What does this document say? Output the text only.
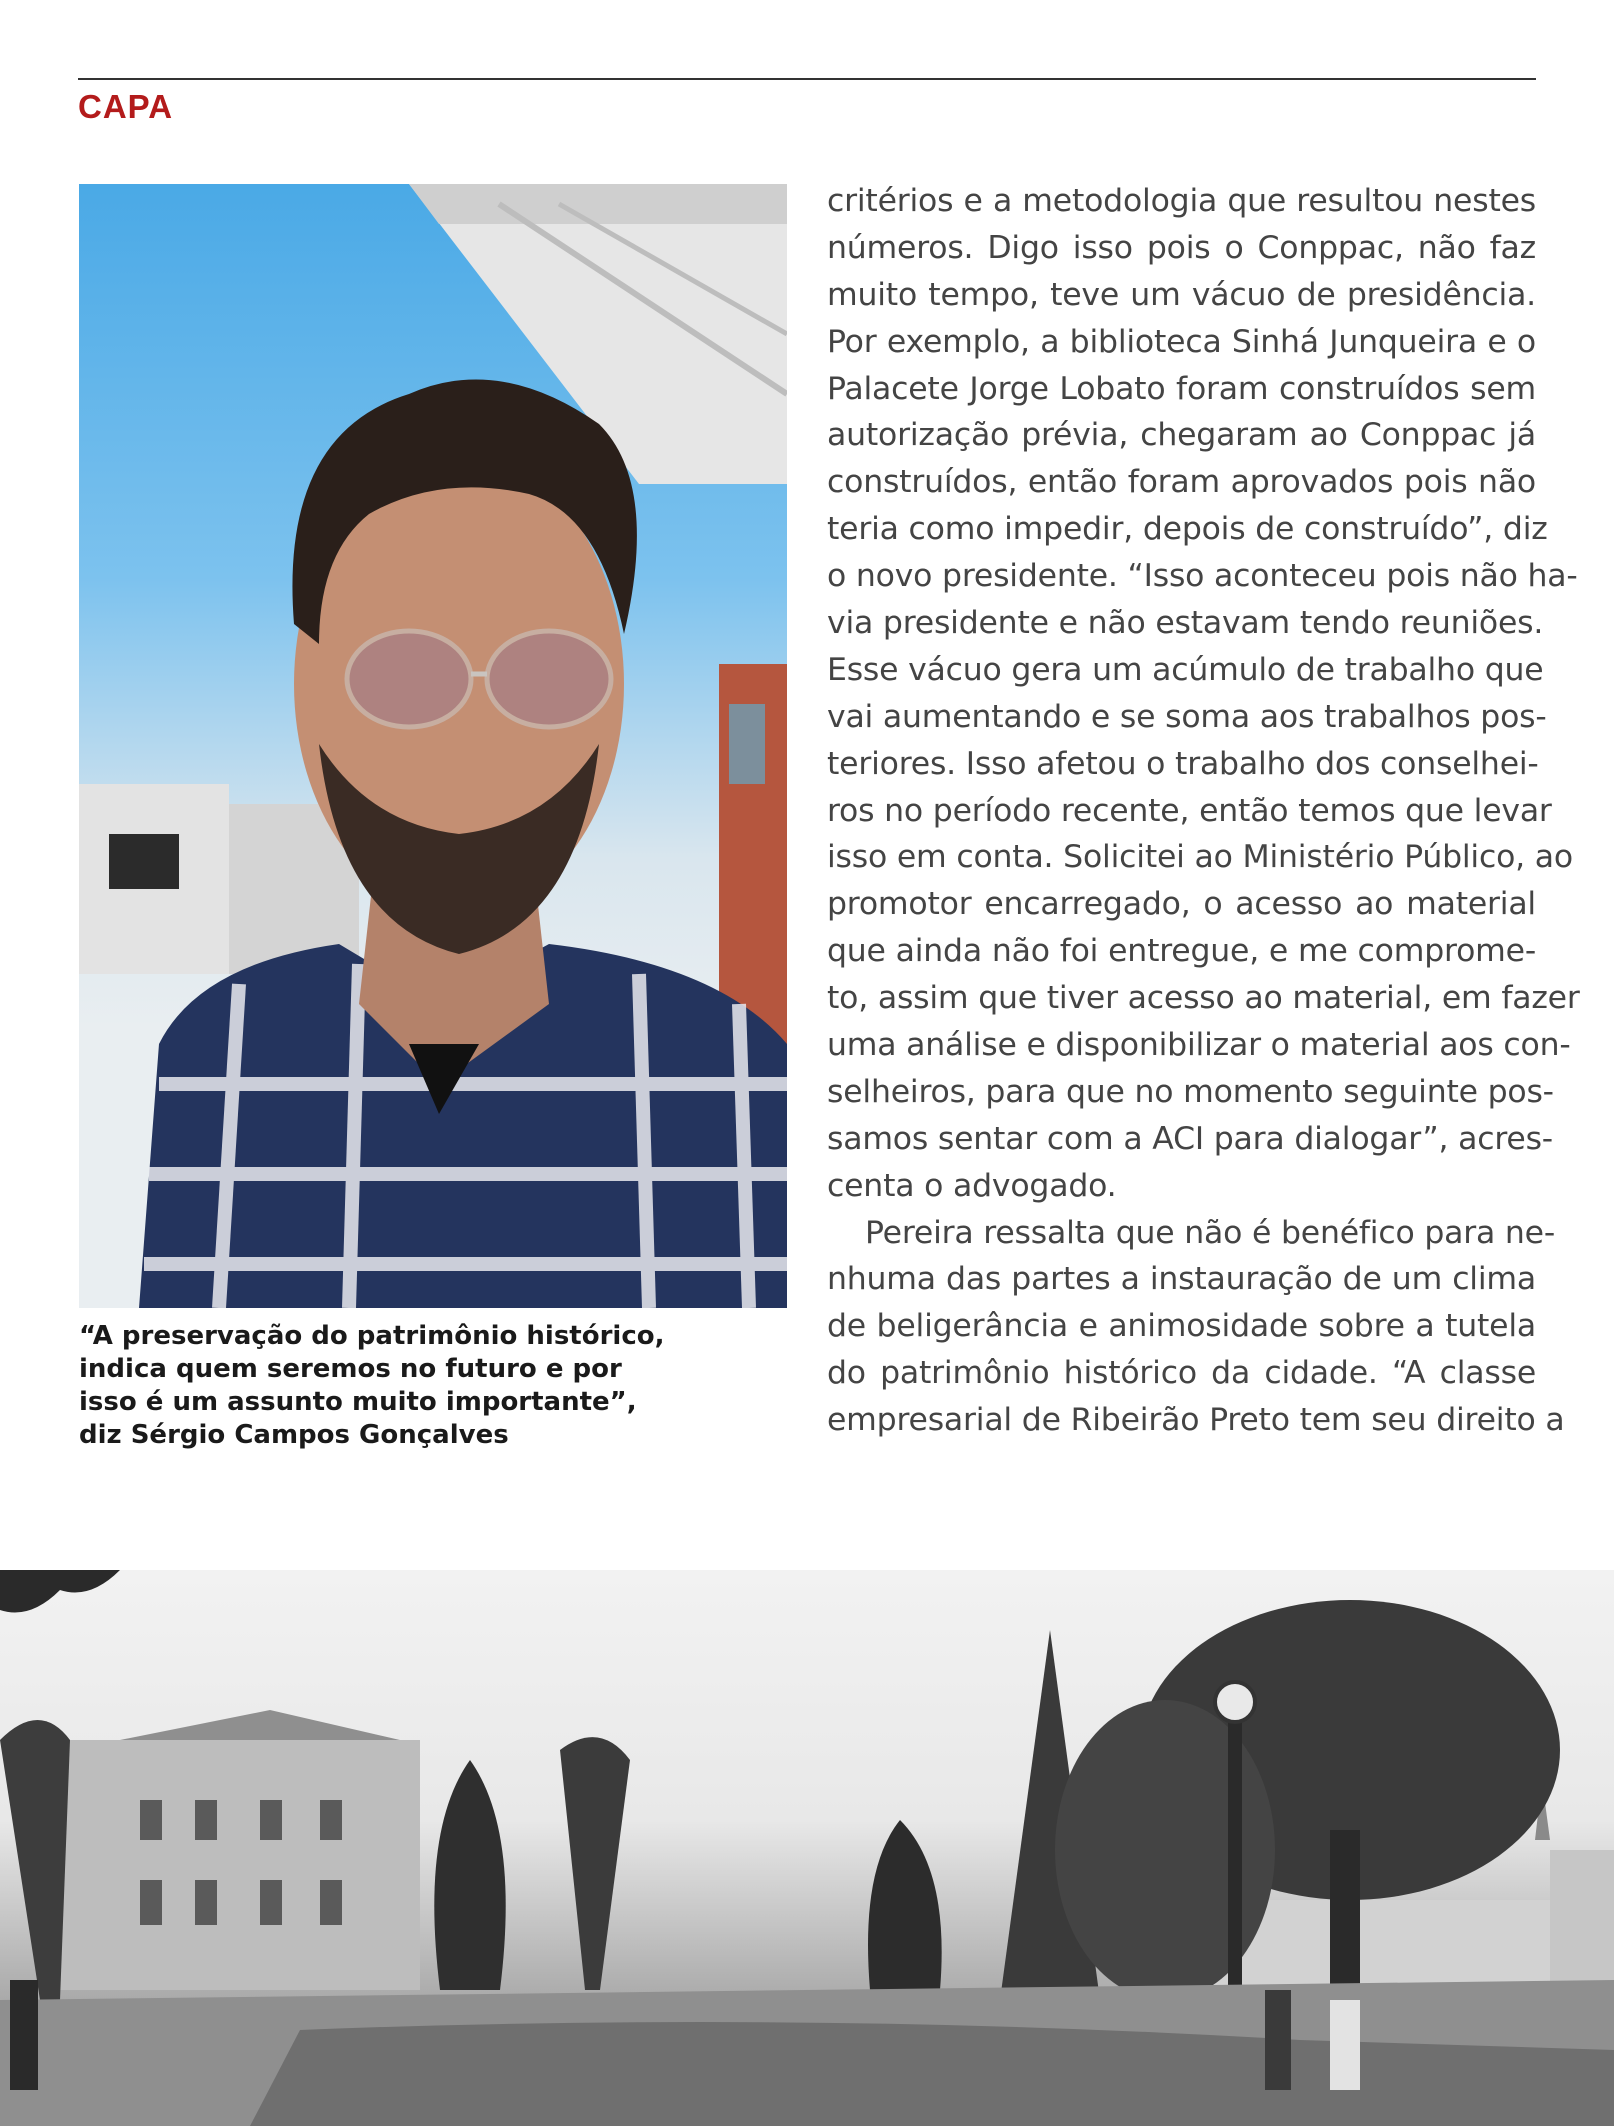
CAPA
“A preservação do patrimônio histórico,
indica quem seremos no futuro e por
isso é um assunto muito importante”,
diz Sérgio Campos Gonçalves
critérios e a metodologia que resultou nestes
números. Digo isso pois o Conppac, não faz
muito tempo, teve um vácuo de presidência.
Por exemplo, a biblioteca Sinhá Junqueira e o
Palacete Jorge Lobato foram construídos sem
autorização prévia, chegaram ao Conppac já
construídos, então foram aprovados pois não
teria como impedir, depois de construído”, diz
o novo presidente. “Isso aconteceu pois não ha-
via presidente e não estavam tendo reuniões.
Esse vácuo gera um acúmulo de trabalho que
vai aumentando e se soma aos trabalhos pos-
teriores. Isso afetou o trabalho dos conselhei-
ros no período recente, então temos que levar
isso em conta. Solicitei ao Ministério Público, ao
promotor encarregado, o acesso ao material
que ainda não foi entregue, e me comprome-
to, assim que tiver acesso ao material, em fazer
uma análise e disponibilizar o material aos con-
selheiros, para que no momento seguinte pos-
samos sentar com a ACI para dialogar”, acres-
centa o advogado.
Pereira ressalta que não é benéfico para ne-
nhuma das partes a instauração de um clima
de beligerância e animosidade sobre a tutela
do patrimônio histórico da cidade. “A classe
empresarial de Ribeirão Preto tem seu direito a
